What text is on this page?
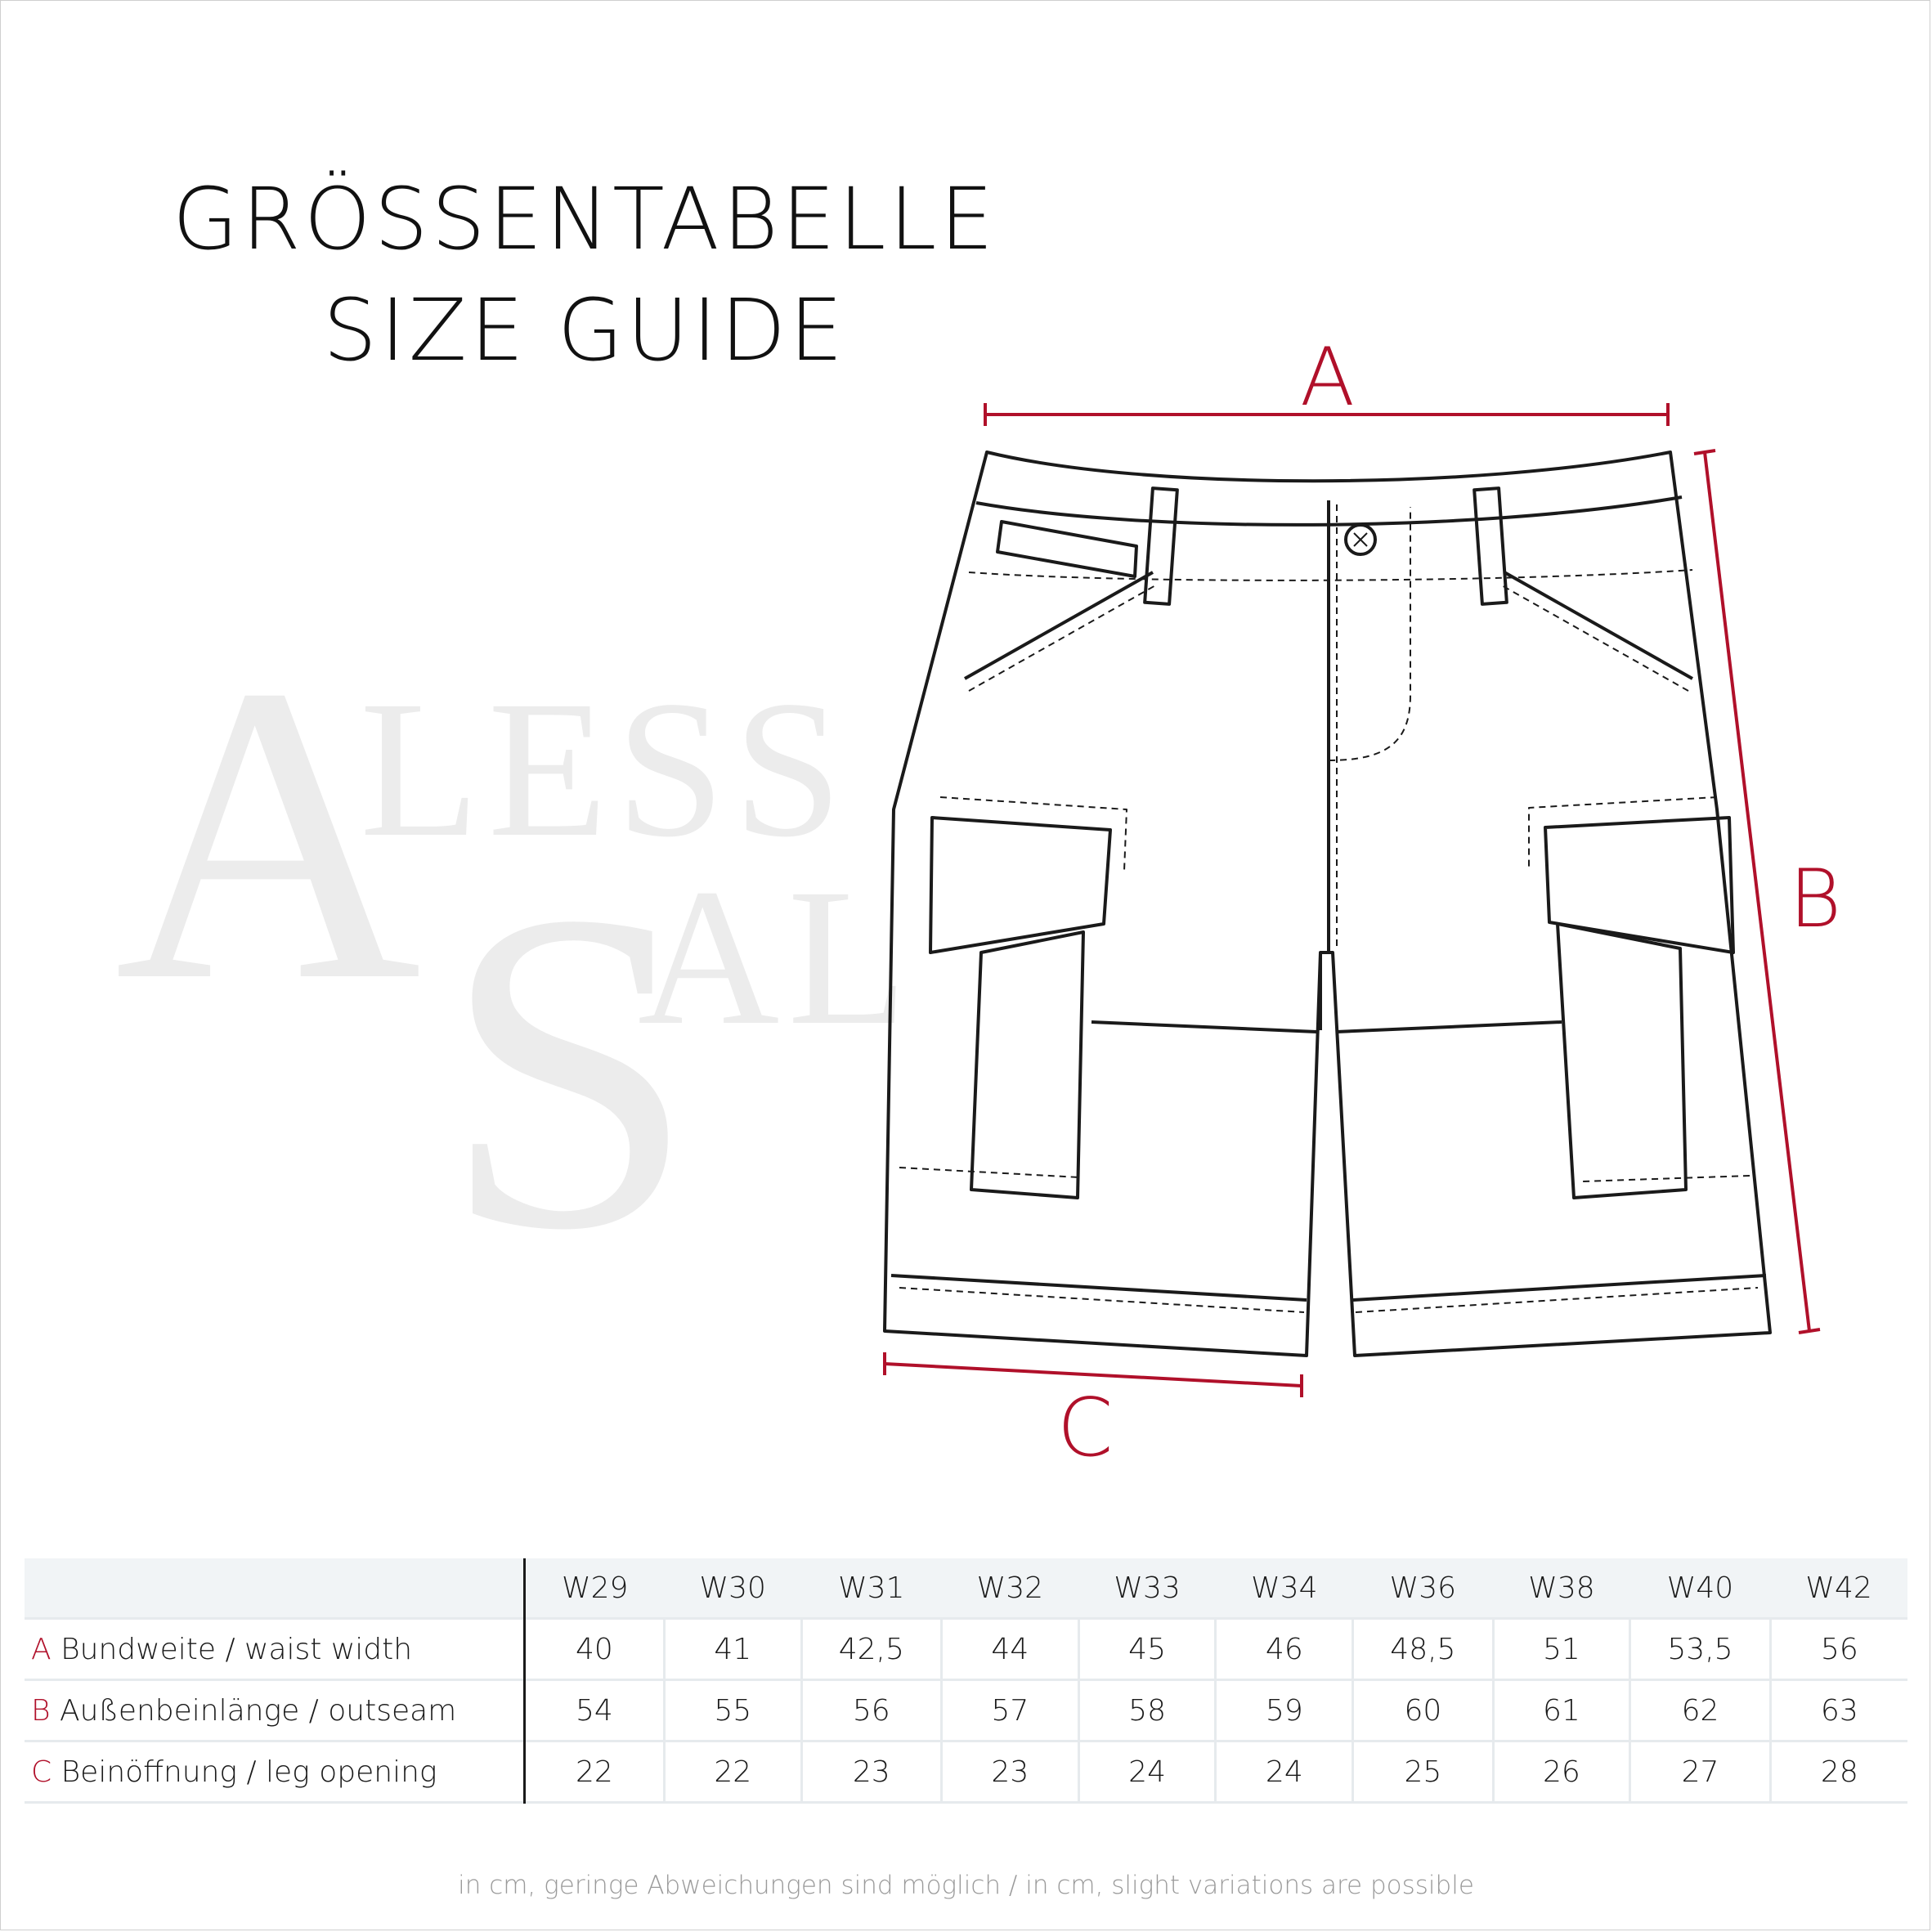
A
LESS
S
AL
GRÖSSENTABELLE
SIZE GUIDE	A
B
C
	W29	W30	W31	W32	W33	W34	W36	W38	W40	W42
A Bundweite / waist width	40	41	42,5	44	45	46	48,5	51	53,5	56
B Außenbeinlänge / outseam	54	55	56	57	58	59	60	61	62	63
C Beinöffnung / leg opening	22	22	23	23	24	24	25	26	27	28
in cm, geringe Abweichungen sind möglich / in cm, slight variations are possible
